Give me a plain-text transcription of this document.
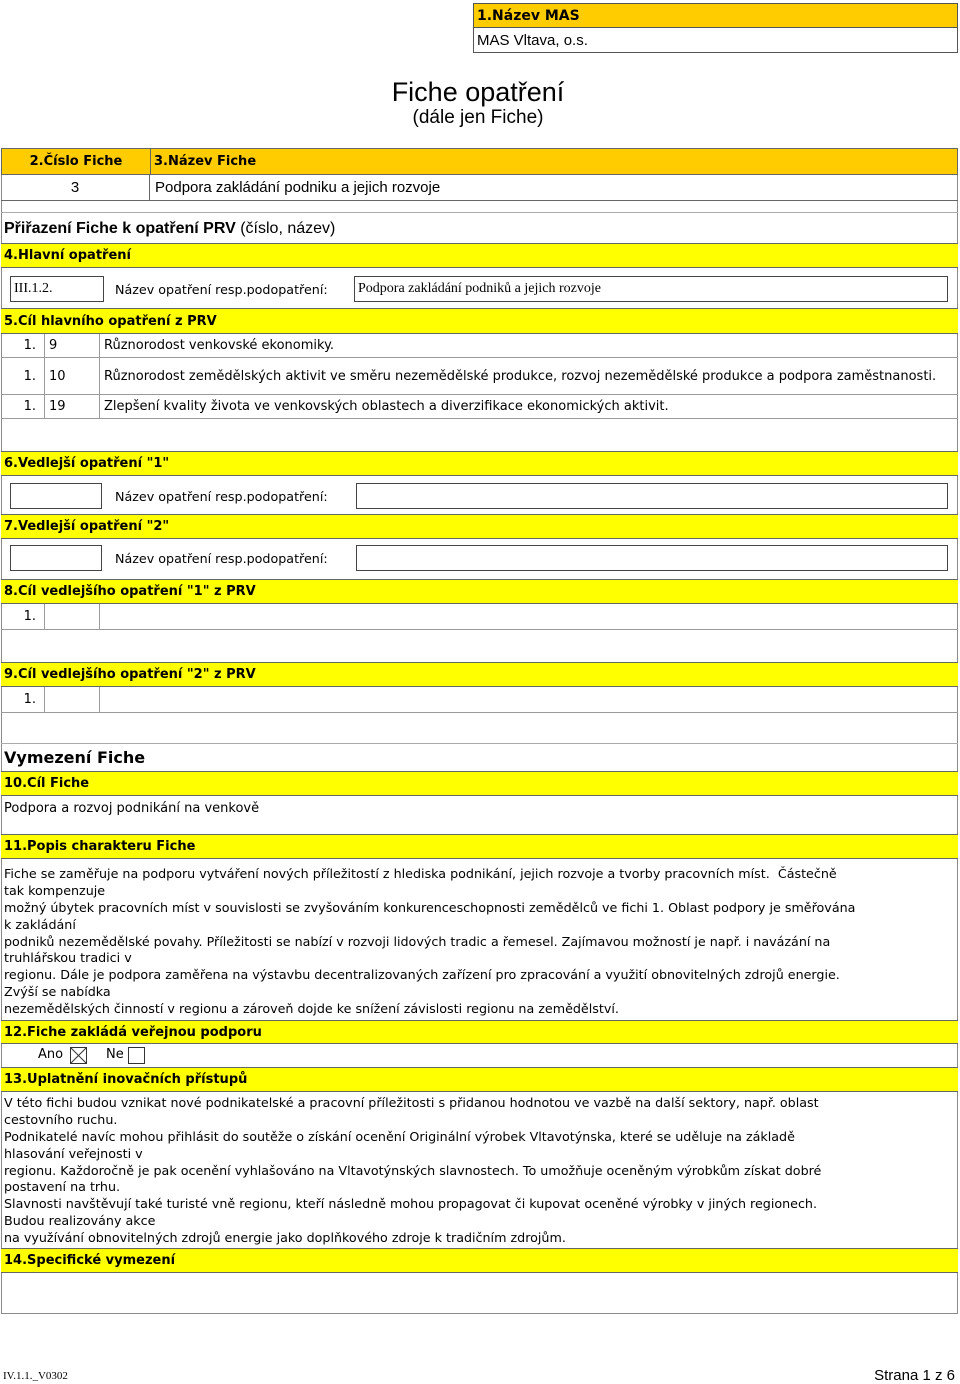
1.Název MAS
MAS Vltava, o.s.
Fiche opatření
(dále jen Fiche)
2.Číslo Fiche	3.Název Fiche
3	Podpora zakládání podniku a jejich rozvoje
Přiřazení Fiche k opatření PRV (číslo, název)
4.Hlavní opatření
III.1.2.	Název opatření resp.podopatření: Podpora zakládání podniků a jejich rozvoje
5.Cíl hlavního opatření z PRV
1.	9	Různorodost venkovské ekonomiky.
1.	10	Různorodost zemědělských aktivit ve směru nezemědělské produkce, rozvoj nezemědělské produkce a podpora zaměstnanosti.
1.	19	Zlepšení kvality života ve venkovských oblastech a diverzifikace ekonomických aktivit.
6.Vedlejší opatření "1"
Název opatření resp.podopatření:
7.Vedlejší opatření "2"
Název opatření resp.podopatření:
8.Cíl vedlejšího opatření "1" z PRV
1.
9.Cíl vedlejšího opatření "2" z PRV
1.
Vymezení Fiche
10.Cíl Fiche
Podpora a rozvoj podnikání na venkově
11.Popis charakteru Fiche
Fiche se zaměřuje na podporu vytváření nových příležitostí z hlediska podnikání, jejich rozvoje a tvorby pracovních míst.  Částečně
tak kompenzuje
možný úbytek pracovních míst v souvislosti se zvyšováním konkurenceschopnosti zemědělců ve fichi 1. Oblast podpory je směřována
k zakládání
podniků nezemědělské povahy. Příležitosti se nabízí v rozvoji lidových tradic a řemesel. Zajímavou možností je např. i navázání na
truhlářskou tradici v
regionu. Dále je podpora zaměřena na výstavbu decentralizovaných zařízení pro zpracování a využití obnovitelných zdrojů energie.
Zvýší se nabídka
nezemědělských činností v regionu a zároveň dojde ke snížení závislosti regionu na zemědělství.
12.Fiche zakládá veřejnou podporu
Ano	Ne
13.Uplatnění inovačních přístupů
V této fichi budou vznikat nové podnikatelské a pracovní příležitosti s přidanou hodnotou ve vazbě na další sektory, např. oblast
cestovního ruchu.
Podnikatelé navíc mohou přihlásit do soutěže o získání ocenění Originální výrobek Vltavotýnska, které se uděluje na základě
hlasování veřejnosti v
regionu. Každoročně je pak ocenění vyhlašováno na Vltavotýnských slavnostech. To umožňuje oceněným výrobkům získat dobré
postavení na trhu.
Slavnosti navštěvují také turisté vně regionu, kteří následně mohou propagovat či kupovat oceněné výrobky v jiných regionech.
Budou realizovány akce
na využívání obnovitelných zdrojů energie jako doplňkového zdroje k tradičním zdrojům.
14.Specifické vymezení
IV.1.1._V0302	Strana 1 z 6
